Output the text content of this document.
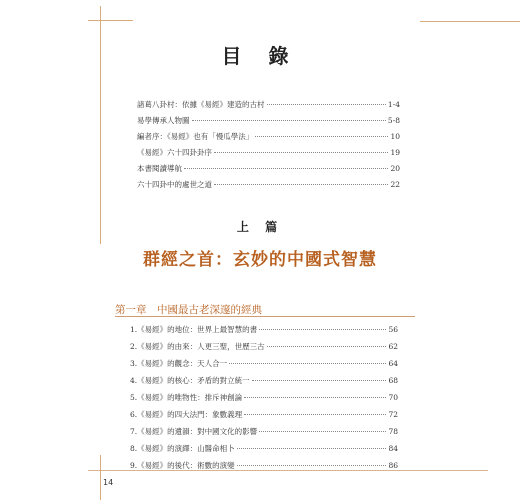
目 錄
諸葛八卦村：依據《易經》建造的古村	1-4
易學傳承人物圖	5-8
編者序：《易經》也有「慢瓜學法」	10
《易經》六十四卦卦序	19
本書閱讀導航	20
六十四卦中的處世之道	22
上 篇
群經之首：玄妙的中國式智慧
第一章　中國最古老深邃的經典
1.《易經》的地位：世界上最智慧的書	56
2.《易經》的由來：人更三聖，世歷三古	62
3.《易經》的觀念：天人合一	64
4.《易經》的核心：矛盾的對立統一	68
5.《易經》的唯物性：排斥神創論	70
6.《易經》的四大法門：象數義理	72
7.《易經》的遺韻：對中國文化的影響	78
8.《易經》的演繹：山醫命相卜	84
9.《易經》的後代：術數的演變	86
14
